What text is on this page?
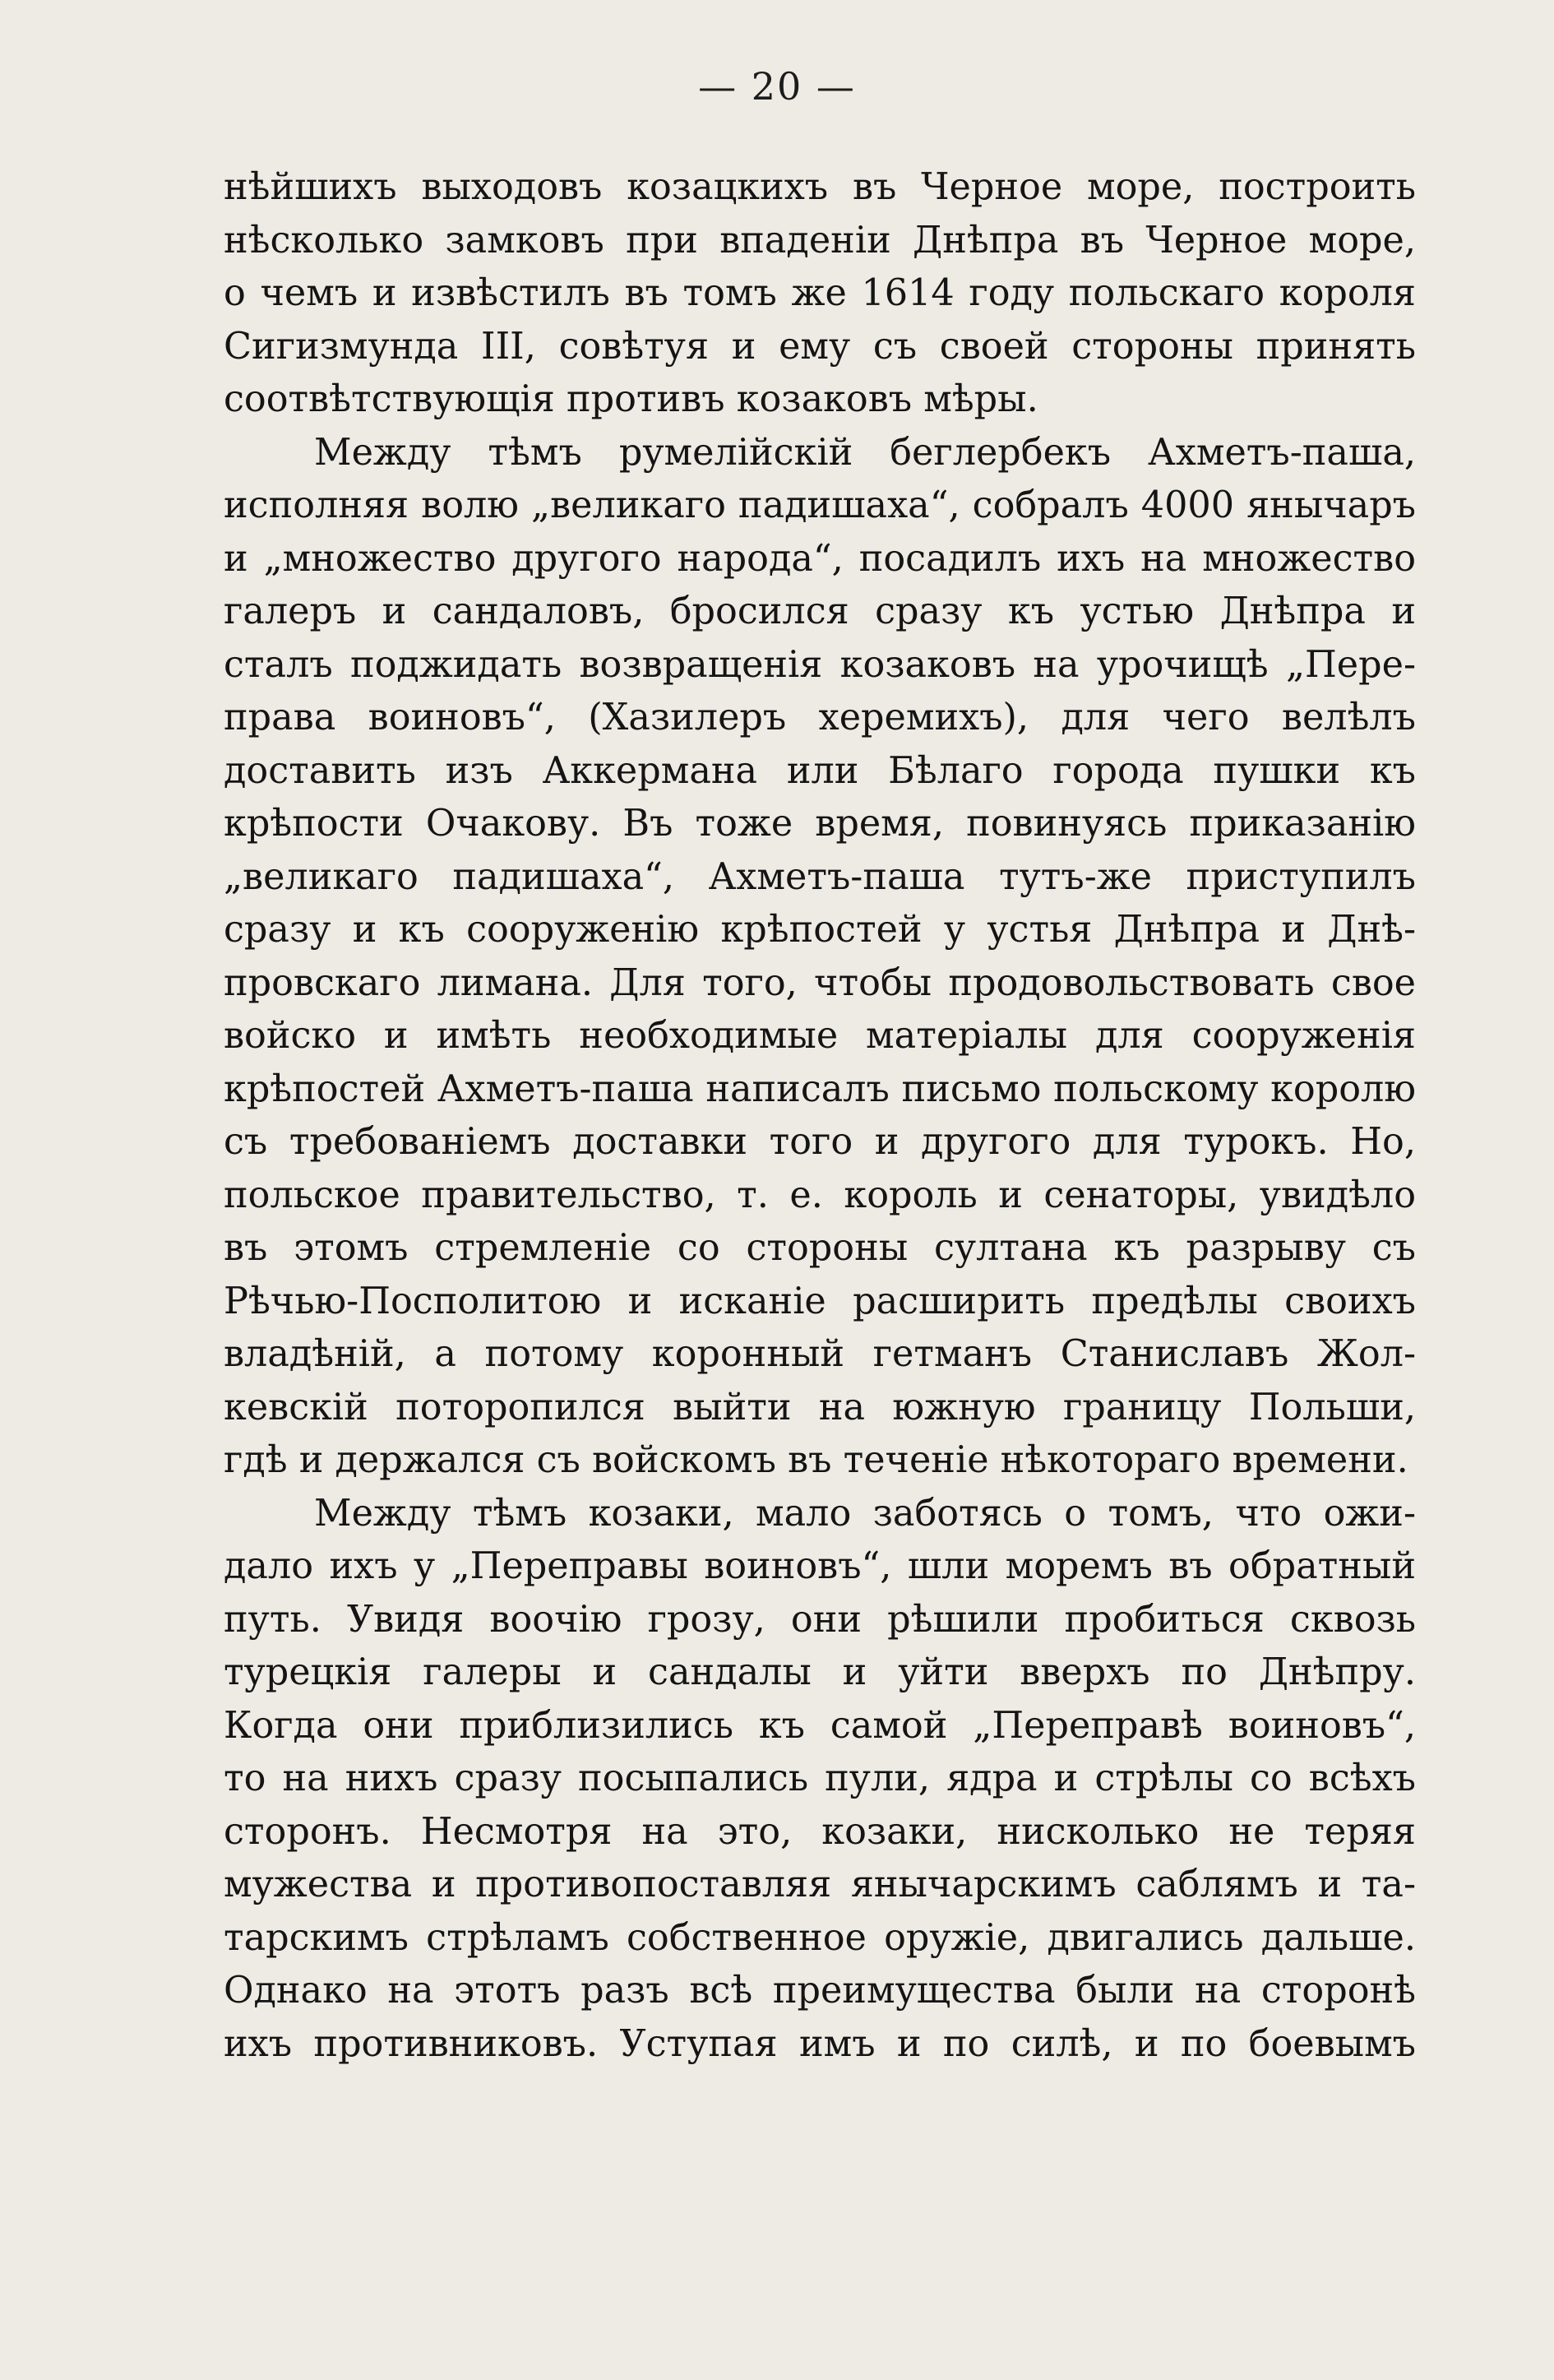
— 20 —
нѣйшихъ выходовъ козацкихъ въ Черное море, построить
нѣсколько замковъ при впаденіи Днѣпра въ Черное море,
о чемъ и извѣстилъ въ томъ же 1614 году польскаго короля
Сигизмунда III, совѣтуя и ему съ своей стороны принять
соотвѣтствующія противъ козаковъ мѣры.
Между тѣмъ румелійскій беглербекъ Ахметъ-паша,
исполняя волю „великаго падишаха“, собралъ 4000 янычаръ
и „множество другого народа“, посадилъ ихъ на множество
галеръ и сандаловъ, бросился сразу къ устью Днѣпра и
сталъ поджидать возвращенія козаковъ на урочищѣ „Пере-
права воиновъ“, (Хазилеръ херемихъ), для чего велѣлъ
доставить изъ Аккермана или Бѣлаго города пушки къ
крѣпости Очакову. Въ тоже время, повинуясь приказанію
„великаго падишаха“, Ахметъ-паша тутъ-же приступилъ
сразу и къ сооруженію крѣпостей у устья Днѣпра и Днѣ-
провскаго лимана. Для того, чтобы продовольствовать свое
войско и имѣть необходимые матеріалы для сооруженія
крѣпостей Ахметъ-паша написалъ письмо польскому королю
съ требованіемъ доставки того и другого для турокъ. Но,
польское правительство, т. е. король и сенаторы, увидѣло
въ этомъ стремленіе со стороны султана къ разрыву съ
Рѣчью-Посполитою и исканіе расширить предѣлы своихъ
владѣній, а потому коронный гетманъ Станиславъ Жол-
кевскій поторопился выйти на южную границу Польши,
гдѣ и держался съ войскомъ въ теченіе нѣкотораго времени.
Между тѣмъ козаки, мало заботясь о томъ, что ожи-
дало ихъ у „Переправы воиновъ“, шли моремъ въ обратный
путь. Увидя воочію грозу, они рѣшили пробиться сквозь
турецкія галеры и сандалы и уйти вверхъ по Днѣпру.
Когда они приблизились къ самой „Переправѣ воиновъ“,
то на нихъ сразу посыпались пули, ядра и стрѣлы со всѣхъ
сторонъ. Несмотря на это, козаки, нисколько не теряя
мужества и противопоставляя янычарскимъ саблямъ и та-
тарскимъ стрѣламъ собственное оружіе, двигались дальше.
Однако на этотъ разъ всѣ преимущества были на сторонѣ
ихъ противниковъ. Уступая имъ и по силѣ, и по боевымъ
